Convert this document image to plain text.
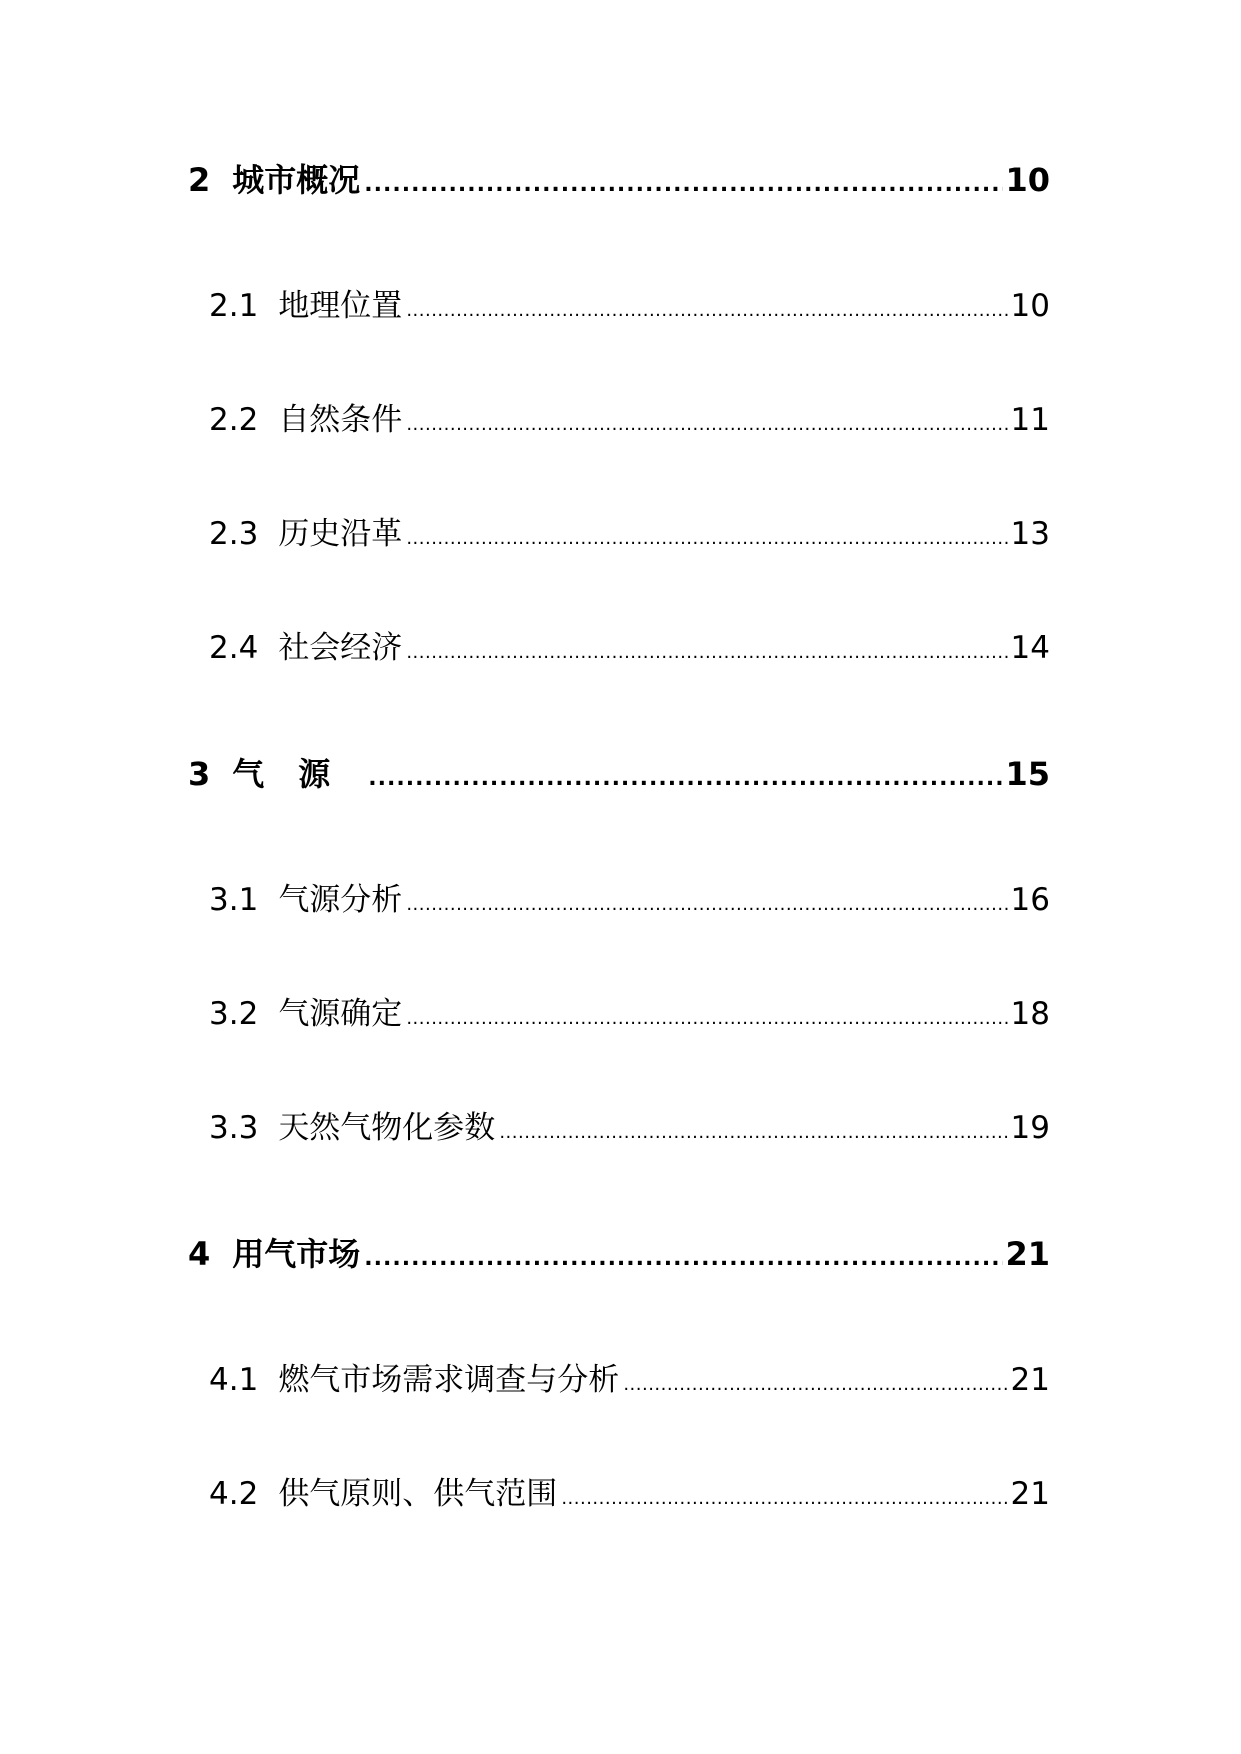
2 城市概况 .....	10
2.1 地理位置 .....	10
2.2 自然条件 .....	11
2.3 历史沿革 .....	13
2.4 社会经济 .....	14
3 气源 .....	15
3.1 气源分析 .....	16
3.2 气源确定 .....	18
3.3 天然气物化参数 .....	19
4 用气市场 .....	21
4.1 燃气市场需求调查与分析 .....	21
4.2 供气原则、供气范围 .....	21
